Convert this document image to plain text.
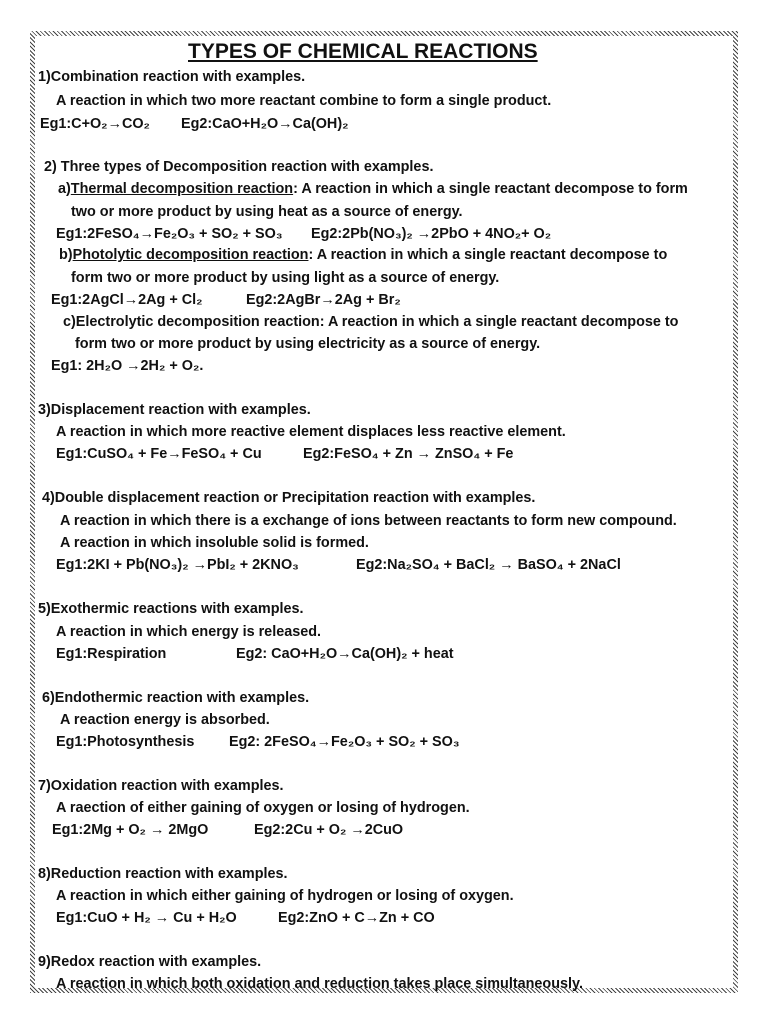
TYPES OF CHEMICAL REACTIONS
1)Combination reaction with examples.
A reaction in which two more reactant combine to form a single product.
Eg1:C+O₂→CO₂ Eg2:CaO+H₂O→Ca(OH)₂
2) Three types of Decomposition reaction with examples.
a)Thermal decomposition reaction: A reaction in which a single reactant decompose to form
two or more product by using heat as a source of energy.
Eg1:2FeSO₄→Fe₂O₃ + SO₂ + SO₃ Eg2:2Pb(NO₃)₂ →2PbO + 4NO₂+ O₂
b)Photolytic decomposition reaction: A reaction in which a single reactant decompose to
form two or more product by using light as a source of energy.
Eg1:2AgCl→2Ag + Cl₂	Eg2:2AgBr→2Ag + Br₂
c)Electrolytic decomposition reaction: A reaction in which a single reactant decompose to
form two or more product by using electricity as a source of energy.
Eg1: 2H₂O →2H₂ + O₂.
3)Displacement reaction with examples.
A reaction in which more reactive element displaces less reactive element.
Eg1:CuSO₄ + Fe→FeSO₄ + Cu	Eg2:FeSO₄ + Zn → ZnSO₄ + Fe
4)Double displacement reaction or Precipitation reaction with examples.
A reaction in which there is a exchange of ions between reactants to form new compound.
A reaction in which insoluble solid is formed.
Eg1:2KI + Pb(NO₃)₂ →PbI₂ + 2KNO₃	Eg2:Na₂SO₄ + BaCl₂ → BaSO₄ + 2NaCl
5)Exothermic reactions with examples.
A reaction in which energy is released.
Eg1:Respiration	Eg2: CaO+H₂O→Ca(OH)₂ + heat
6)Endothermic reaction with examples.
A reaction energy is absorbed.
Eg1:Photosynthesis Eg2: 2FeSO₄→Fe₂O₃ + SO₂ + SO₃
7)Oxidation reaction with examples.
A raection of either gaining of oxygen or losing of hydrogen.
Eg1:2Mg + O₂ → 2MgO	Eg2:2Cu + O₂ →2CuO
8)Reduction reaction with examples.
A reaction in which either gaining of hydrogen or losing of oxygen.
Eg1:CuO + H₂ → Cu + H₂O	Eg2:ZnO + C→Zn + CO
9)Redox reaction with examples.
A reaction in which both oxidation and reduction takes place simultaneously.
